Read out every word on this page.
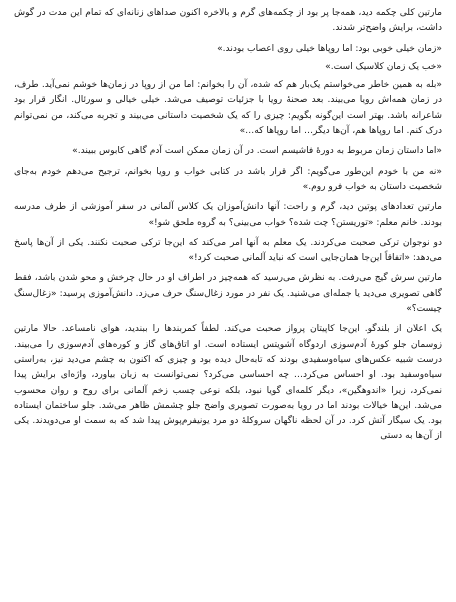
مارتین کلی چکمه دید، همه‌جا پر بود از چکمه‌های گرم و بالاخره اکنون صداهای زنانه‌ای که تمام این مدت در گوش داشت، برایش واضح‌تر شدند.

«زمان خیلی خوبی بود: اما روپاها خیلی روی اعصاب بودند.»

«خب یک زمان کلاسیک است.»

«بله به همین خاطر می‌خواستم یک‌بار هم که شده، آن را بخوانم: اما من از روپا در زمان‌ها خوشم نمی‌آید. طرف، در زمان همه‌اش رویا می‌بیند. بعد صحنهٔ رویا با جزئیات توصیف می‌شد. خیلی خیالی و سورئال. انگار قرار بود شاعرانه باشد. بهتر است این‌گونه بگویم: چیزی را که یک شخصیت داستانی می‌بیند و تجربه می‌کند، من نمی‌توانم درک کنم. اما روپاها هم، آن‌ها دیگر… اما روپاها که…»

«اما داستان زمان مربوط به دورهٔ فاشیسم است. در آن زمان ممکن است آدم گاهی کابوس ببیند.»

«نه من با خودم این‌طور می‌گویم: اگر قرار باشد در کتابی خواب و رویا بخوانم، ترجیح می‌دهم خودم به‌جای شخصیت داستان به خواب فرو روم.»

مارتین تعدادهای پوتین دید، گرم و راحت: آنها دانش‌آموزان یک کلاس آلمانی در سفر آموزشی از طرف مدرسه بودند. خانم معلم: «توریستن؟ چت شده؟ خواب می‌بینی؟ به گروه ملحق شو!»

دو نوجوان ترکی صحبت می‌کردند. یک معلم به آنها امر می‌کند که این‌جا ترکی صحبت نکنند. یکی از آن‌ها پاسخ می‌دهد: «اتفاقاً این‌جا همان‌جایی است که نباید آلمانی صحبت کرد!»

مارتین سرش گیج می‌رفت. به نظرش می‌رسید که همه‌چیز در اطراف او در حال چرخش و محو شدن باشد، فقط گاهی تصویری می‌دید یا جمله‌ای می‌شنید. یک نفر در مورد زغال‌سنگ حرف می‌زد. دانش‌آموزی پرسید: «زغال‌سنگ چیست؟»

یک اعلان از بلندگو. این‌جا کاپیتان پرواز صحبت می‌کند. لطفاً کمربندها را ببندید، هوای نامساعد. حالا مارتین زوسمان جلو کورهٔ آدم‌سوزی اردوگاه آشویتس ایستاده است. او اتاق‌های گاز و کوره‌های آدم‌سوزی را می‌بیند. درست شبیه عکس‌های سیاه‌وسفیدی بودند که تابه‌حال دیده بود و چیزی که اکنون به چشم می‌دید نیز، به‌راستی سیاه‌وسفید بود. او احساس می‌کرد… چه احساسی می‌کرد؟ نمی‌توانست به زبان بیاورد، واژه‌ای برایش پیدا نمی‌کرد، زیرا «اندوهگین»، دیگر کلمه‌ای گویا نبود، بلکه نوعی چسب زخم آلمانی برای روح و روان محسوب می‌شد. این‌ها خیالات بودند اما در رویا به‌صورت تصویری واضح جلو چشمش ظاهر می‌شد. جلو ساختمان ایستاده بود. یک سیگار آتش کرد. در آن لحظه ناگهان سروکلهٔ دو مرد یونیفرم‌پوش پیدا شد که به سمت او می‌دویدند. یکی از آن‌ها به دستی
